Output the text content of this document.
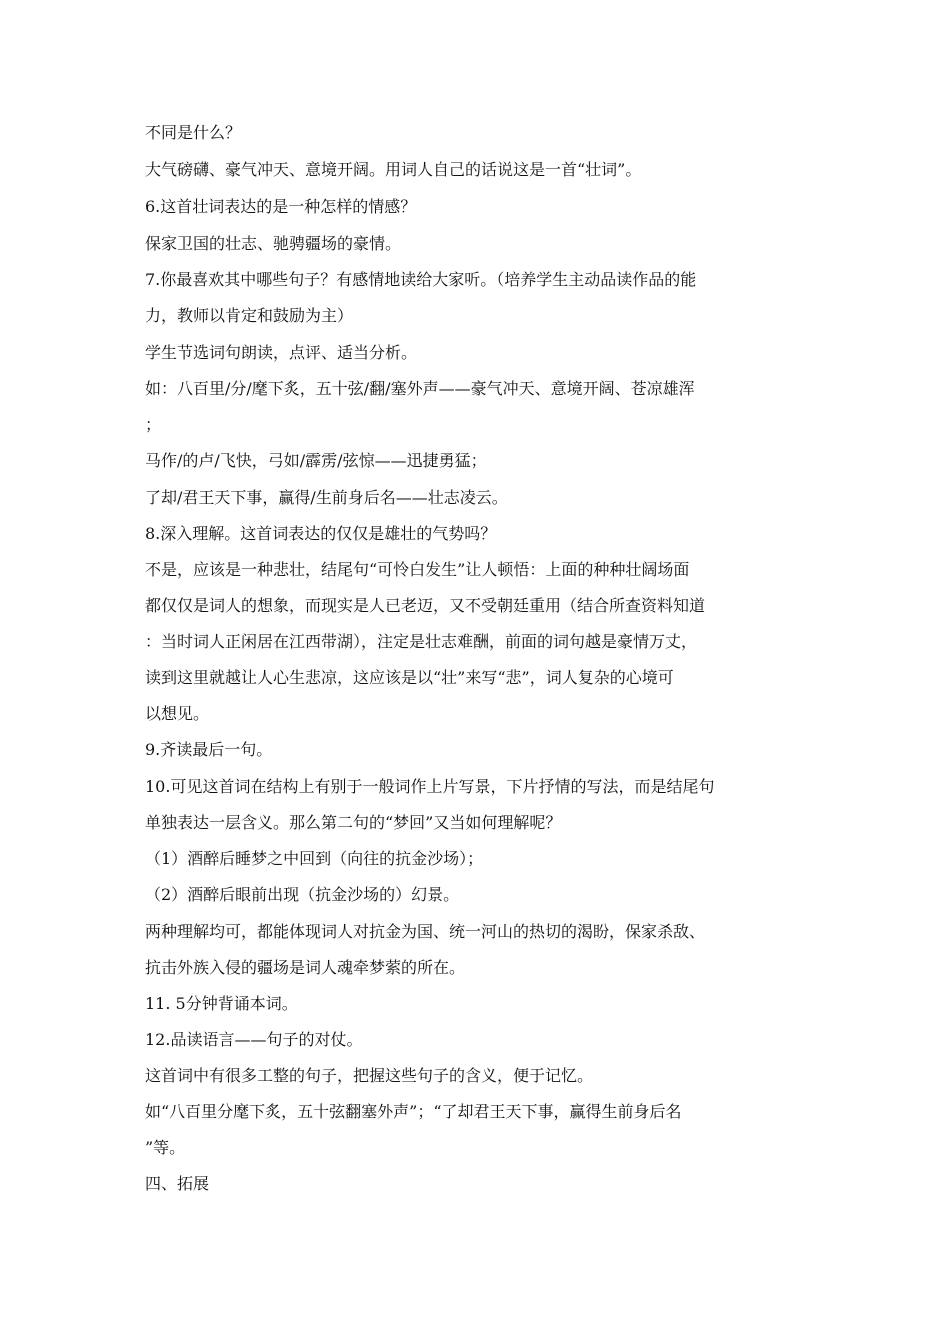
不同是什么？
大气磅礴、豪气冲天、意境开阔。用词人自己的话说这是一首“壮词”。
6.这首壮词表达的是一种怎样的情感？
保家卫国的壮志、驰骋疆场的豪情。
7.你最喜欢其中哪些句子？有感情地读给大家听。（培养学生主动品读作品的能
力，教师以肯定和鼓励为主）
学生节选词句朗读，点评、适当分析。
如：八百里/分/麾下炙，五十弦/翻/塞外声——豪气冲天、意境开阔、苍凉雄浑
；
马作/的卢/飞快，弓如/霹雳/弦惊——迅捷勇猛；
了却/君王天下事，赢得/生前身后名——壮志凌云。
8.深入理解。这首词表达的仅仅是雄壮的气势吗？
不是，应该是一种悲壮，结尾句“可怜白发生”让人顿悟：上面的种种壮阔场面
都仅仅是词人的想象，而现实是人已老迈，又不受朝廷重用（结合所查资料知道
：当时词人正闲居在江西带湖），注定是壮志难酬，前面的词句越是豪情万丈，
读到这里就越让人心生悲凉，这应该是以“壮”来写“悲”，词人复杂的心境可
以想见。
9.齐读最后一句。
10.可见这首词在结构上有别于一般词作上片写景，下片抒情的写法，而是结尾句
单独表达一层含义。那么第二句的“梦回”又当如何理解呢？
（1）酒醉后睡梦之中回到（向往的抗金沙场）；
（2）酒醉后眼前出现（抗金沙场的）幻景。
两种理解均可，都能体现词人对抗金为国、统一河山的热切的渴盼，保家杀敌、
抗击外族入侵的疆场是词人魂牵梦萦的所在。
11. 5分钟背诵本词。
12.品读语言——句子的对仗。
这首词中有很多工整的句子，把握这些句子的含义，便于记忆。
如“八百里分麾下炙，五十弦翻塞外声”；“了却君王天下事，赢得生前身后名
”等。
四、拓展
